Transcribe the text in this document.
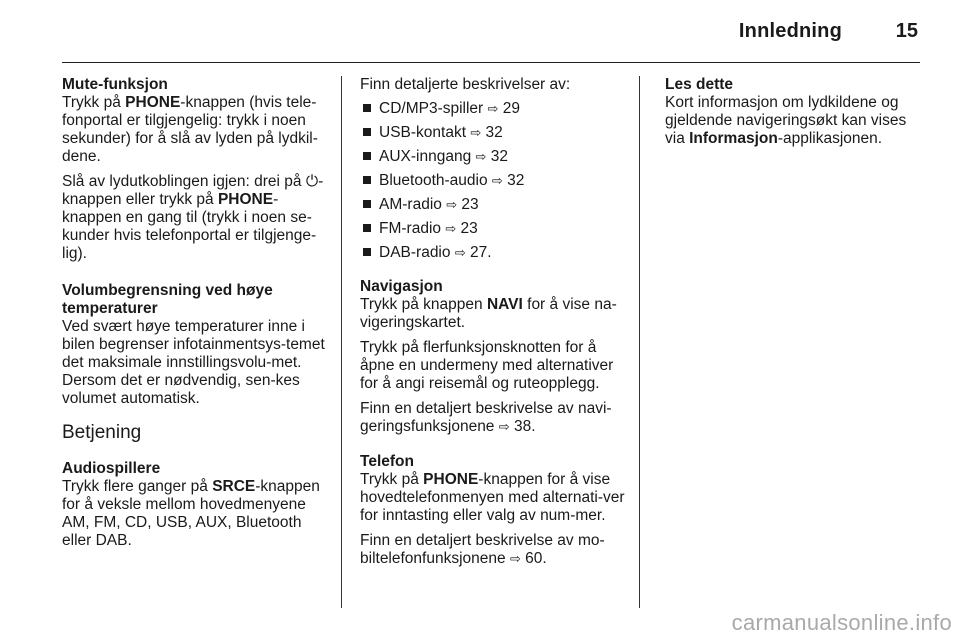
Innledning	15

Mute-funksjon

Trykk på PHONE-knappen (hvis tele-fonportal er tilgjengelig: trykk i noen sekunder) for å slå av lyden på lydkil-dene.

Slå av lydutkoblingen igjen: drei på ⏻-knappen eller trykk på PHONE-knappen en gang til (trykk i noen se-kunder hvis telefonportal er tilgjenge-lig).

Volumbegrensning ved høye temperaturer

Ved svært høye temperaturer inne i bilen begrenser infotainmentsys-temet det maksimale innstillingsvolu-met. Dersom det er nødvendig, sen-kes volumet automatisk.

Betjening

Audiospillere

Trykk flere ganger på SRCE-knappen for å veksle mellom hovedmenyene AM, FM, CD, USB, AUX, Bluetooth eller DAB.

Finn detaljerte beskrivelser av:

CD/MP3-spiller ⇨ 29
USB-kontakt ⇨ 32
AUX-inngang ⇨ 32
Bluetooth-audio ⇨ 32
AM-radio ⇨ 23
FM-radio ⇨ 23
DAB-radio ⇨ 27.

Navigasjon

Trykk på knappen NAVI for å vise na-vigeringskartet.

Trykk på flerfunksjonsknotten for å åpne en undermeny med alternativer for å angi reisemål og ruteopplegg.

Finn en detaljert beskrivelse av navi-geringsfunksjonene ⇨ 38.

Telefon

Trykk på PHONE-knappen for å vise hovedtelefonmenyen med alternati-ver for inntasting eller valg av num-mer.

Finn en detaljert beskrivelse av mo-biltelefonfunksjonene ⇨ 60.

Les dette

Kort informasjon om lydkildene og gjeldende navigeringsøkt kan vises via Informasjon-applikasjonen.

carmanualsonline.info
